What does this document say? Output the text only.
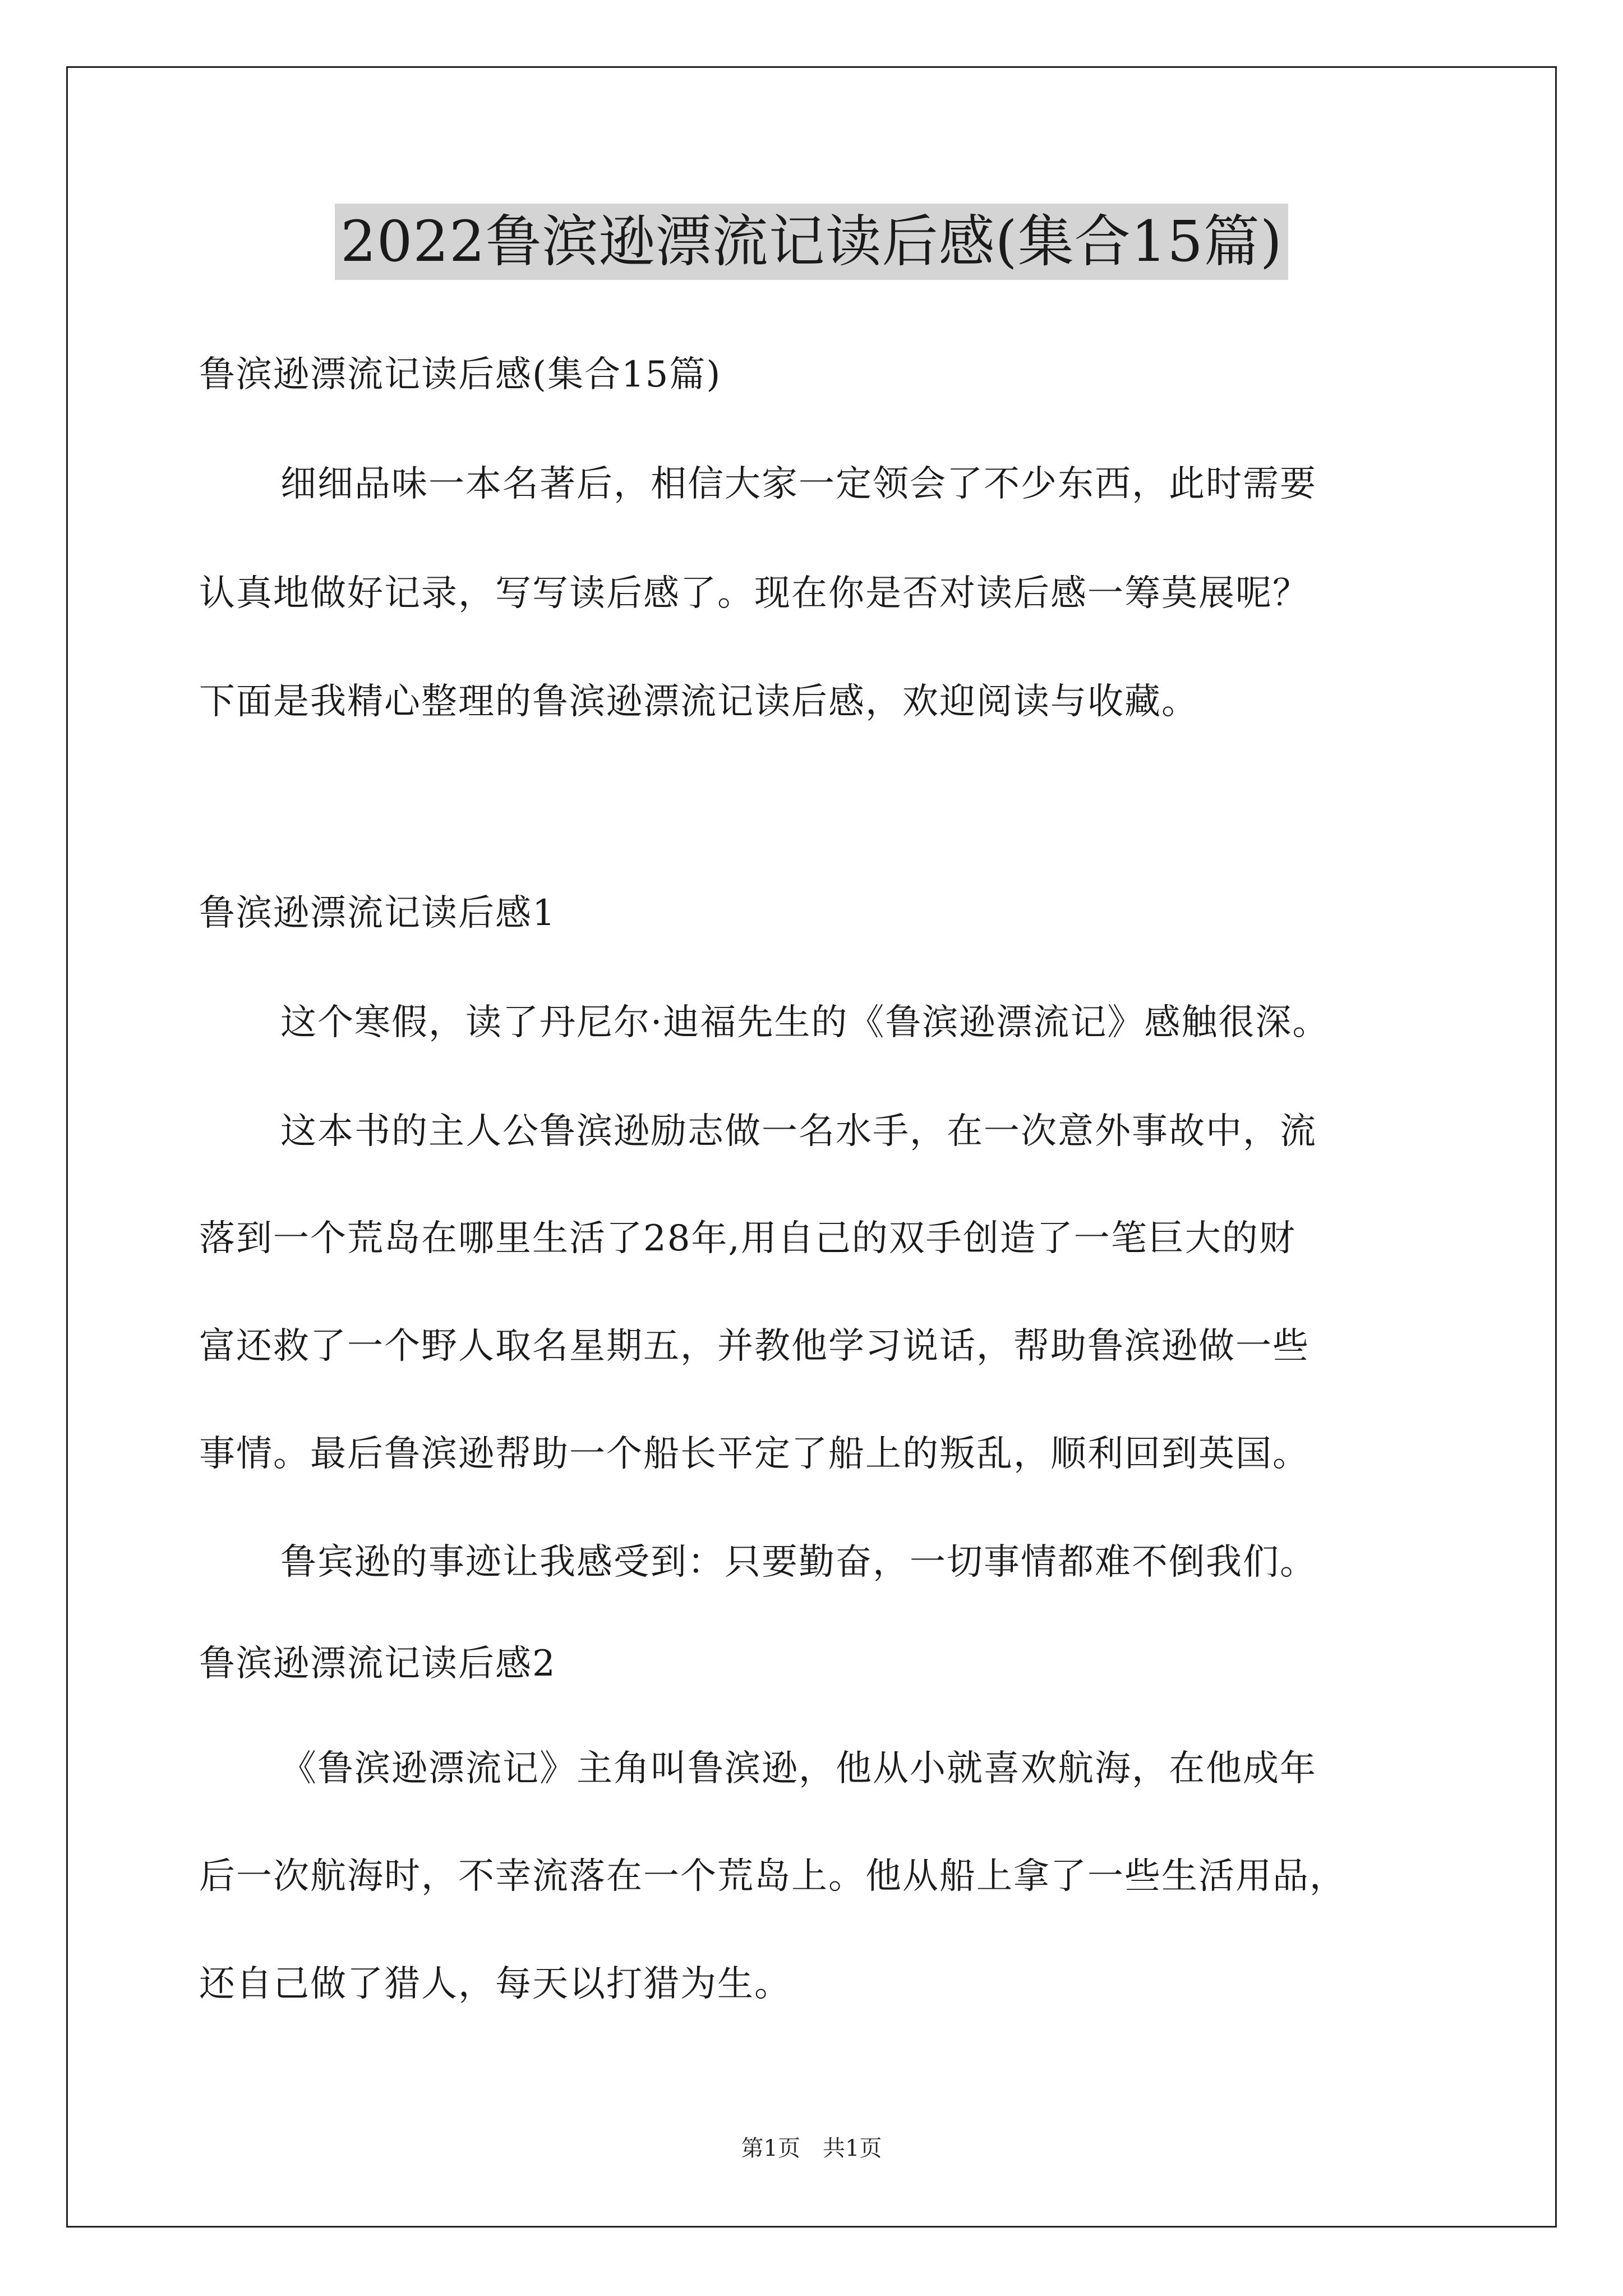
2022鲁滨逊漂流记读后感(集合15篇)
鲁滨逊漂流记读后感(集合15篇)
细细品味一本名著后，相信大家一定领会了不少东西，此时需要
认真地做好记录，写写读后感了。现在你是否对读后感一筹莫展呢？
下面是我精心整理的鲁滨逊漂流记读后感，欢迎阅读与收藏。
鲁滨逊漂流记读后感1
这个寒假，读了丹尼尔·迪福先生的《鲁滨逊漂流记》感触很深。
这本书的主人公鲁滨逊励志做一名水手，在一次意外事故中，流
落到一个荒岛在哪里生活了28年,用自己的双手创造了一笔巨大的财
富还救了一个野人取名星期五，并教他学习说话，帮助鲁滨逊做一些
事情。最后鲁滨逊帮助一个船长平定了船上的叛乱，顺利回到英国。
鲁宾逊的事迹让我感受到：只要勤奋，一切事情都难不倒我们。
鲁滨逊漂流记读后感2
《鲁滨逊漂流记》主角叫鲁滨逊，他从小就喜欢航海，在他成年
后一次航海时，不幸流落在一个荒岛上。他从船上拿了一些生活用品，
还自己做了猎人，每天以打猎为生。
第1页　共1页
